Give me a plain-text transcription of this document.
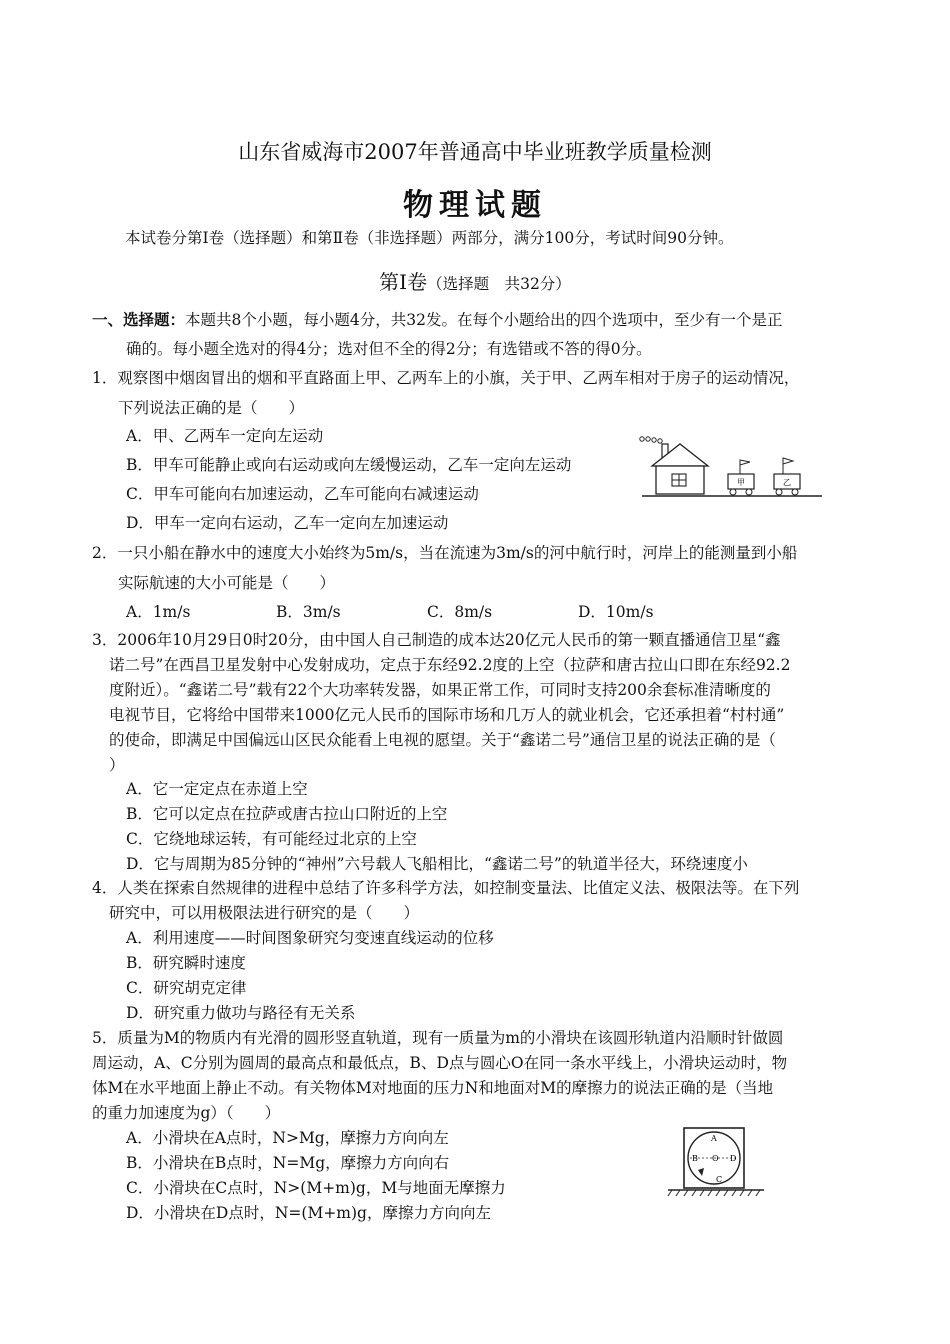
山东省威海市2007年普通高中毕业班教学质量检测
物理试题
本试卷分第Ⅰ卷（选择题）和第Ⅱ卷（非选择题）两部分，满分100分，考试时间90分钟。
第Ⅰ卷（选择题　共32分）
一、选择题：本题共8个小题，每小题4分，共32发。在每个小题给出的四个选项中，至少有一个是正
确的。每小题全选对的得4分；选对但不全的得2分；有选错或不答的得0分。
1．观察图中烟囱冒出的烟和平直路面上甲、乙两车上的小旗，关于甲、乙两车相对于房子的运动情况，
下列说法正确的是（　　）
A．甲、乙两车一定向左运动
B．甲车可能静止或向右运动或向左缓慢运动，乙车一定向左运动
C．甲车可能向右加速运动，乙车可能向右减速运动
D．甲车一定向右运动，乙车一定向左加速运动
甲	乙
2．一只小船在静水中的速度大小始终为5m/s，当在流速为3m/s的河中航行时，河岸上的能测量到小船
实际航速的大小可能是（　　）
A．1m/s	B．3m/s	C．8m/s	D．10m/s
3．2006年10月29日0时20分，由中国人自己制造的成本达20亿元人民币的第一颗直播通信卫星“鑫
诺二号”在西昌卫星发射中心发射成功，定点于东经92.2度的上空（拉萨和唐古拉山口即在东经92.2
度附近）。“鑫诺二号”载有22个大功率转发器，如果正常工作，可同时支持200余套标准清晰度的
电视节目，它将给中国带来1000亿元人民币的国际市场和几万人的就业机会，它还承担着“村村通”
的使命，即满足中国偏远山区民众能看上电视的愿望。关于“鑫诺二号”通信卫星的说法正确的是（
）
A．它一定定点在赤道上空
B．它可以定点在拉萨或唐古拉山口附近的上空
C．它绕地球运转，有可能经过北京的上空
D．它与周期为85分钟的“神州”六号载人飞船相比，“鑫诺二号”的轨道半径大，环绕速度小
4．人类在探索自然规律的进程中总结了许多科学方法，如控制变量法、比值定义法、极限法等。在下列
研究中，可以用极限法进行研究的是（　　）
A．利用速度——时间图象研究匀变速直线运动的位移
B．研究瞬时速度
C．研究胡克定律
D．研究重力做功与路径有无关系
5．质量为M的物质内有光滑的圆形竖直轨道，现有一质量为m的小滑块在该圆形轨道内沿顺时针做圆
周运动，A、C分别为圆周的最高点和最低点，B、D点与圆心O在同一条水平线上，小滑块运动时，物
体M在水平地面上静止不动。有关物体M对地面的压力N和地面对M的摩擦力的说法正确的是（当地
的重力加速度为g）（　　）
A．小滑块在A点时，N>Mg，摩擦力方向向左
B．小滑块在B点时，N=Mg，摩擦力方向向右
C．小滑块在C点时，N>(M+m)g，M与地面无摩擦力
D．小滑块在D点时，N=(M+m)g，摩擦力方向向左
A
B O D
C
